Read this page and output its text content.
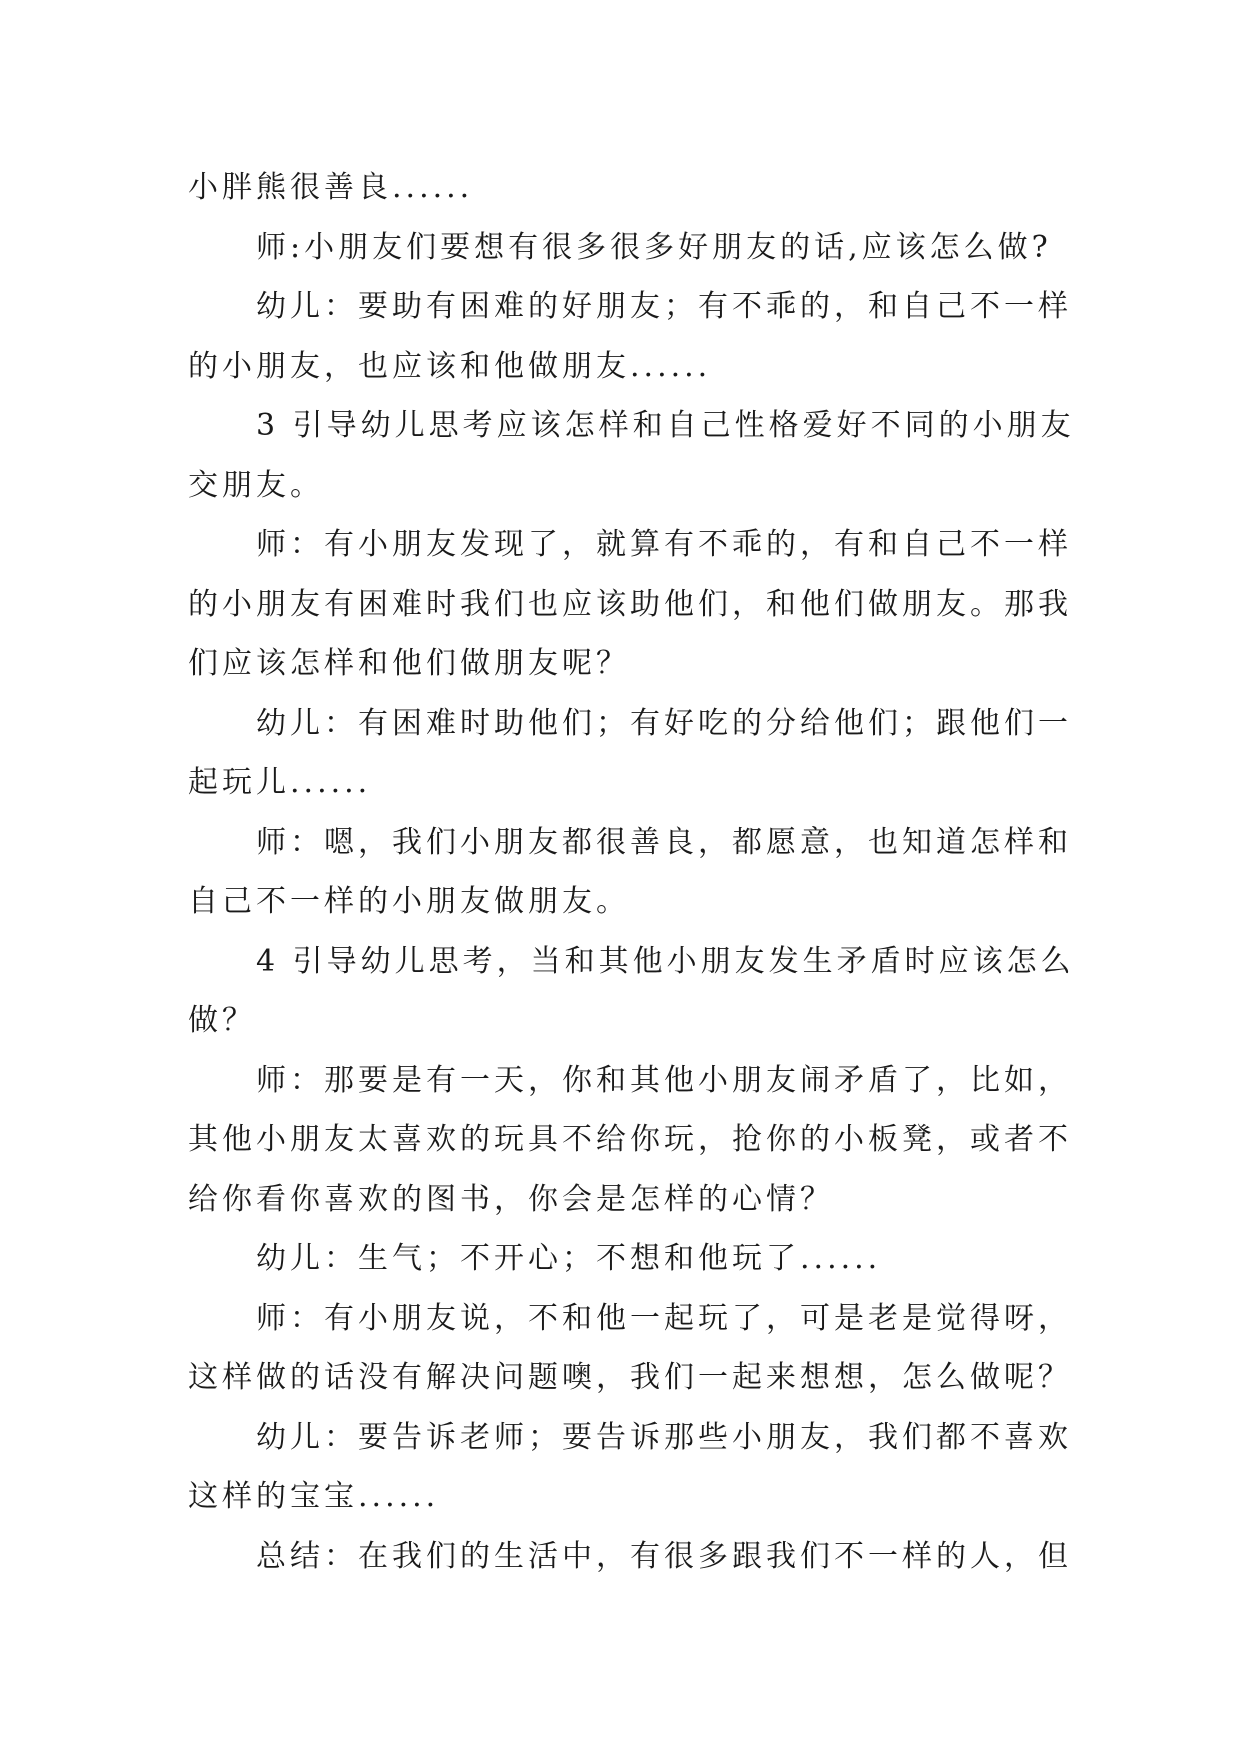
小胖熊很善良......
师:小朋友们要想有很多很多好朋友的话,应该怎么做?
幼儿：要助有困难的好朋友；有不乖的，和自己不一样
的小朋友，也应该和他做朋友......
3 引导幼儿思考应该怎样和自己性格爱好不同的小朋友
交朋友。
师：有小朋友发现了，就算有不乖的，有和自己不一样
的小朋友有困难时我们也应该助他们，和他们做朋友。那我
们应该怎样和他们做朋友呢？
幼儿：有困难时助他们；有好吃的分给他们；跟他们一
起玩儿......
师：嗯，我们小朋友都很善良，都愿意，也知道怎样和
自己不一样的小朋友做朋友。
4 引导幼儿思考，当和其他小朋友发生矛盾时应该怎么
做？
师：那要是有一天，你和其他小朋友闹矛盾了，比如，
其他小朋友太喜欢的玩具不给你玩，抢你的小板凳，或者不
给你看你喜欢的图书，你会是怎样的心情？
幼儿：生气；不开心；不想和他玩了......
师：有小朋友说，不和他一起玩了，可是老是觉得呀，
这样做的话没有解决问题噢，我们一起来想想，怎么做呢？
幼儿：要告诉老师；要告诉那些小朋友，我们都不喜欢
这样的宝宝......
总结：在我们的生活中，有很多跟我们不一样的人，但
